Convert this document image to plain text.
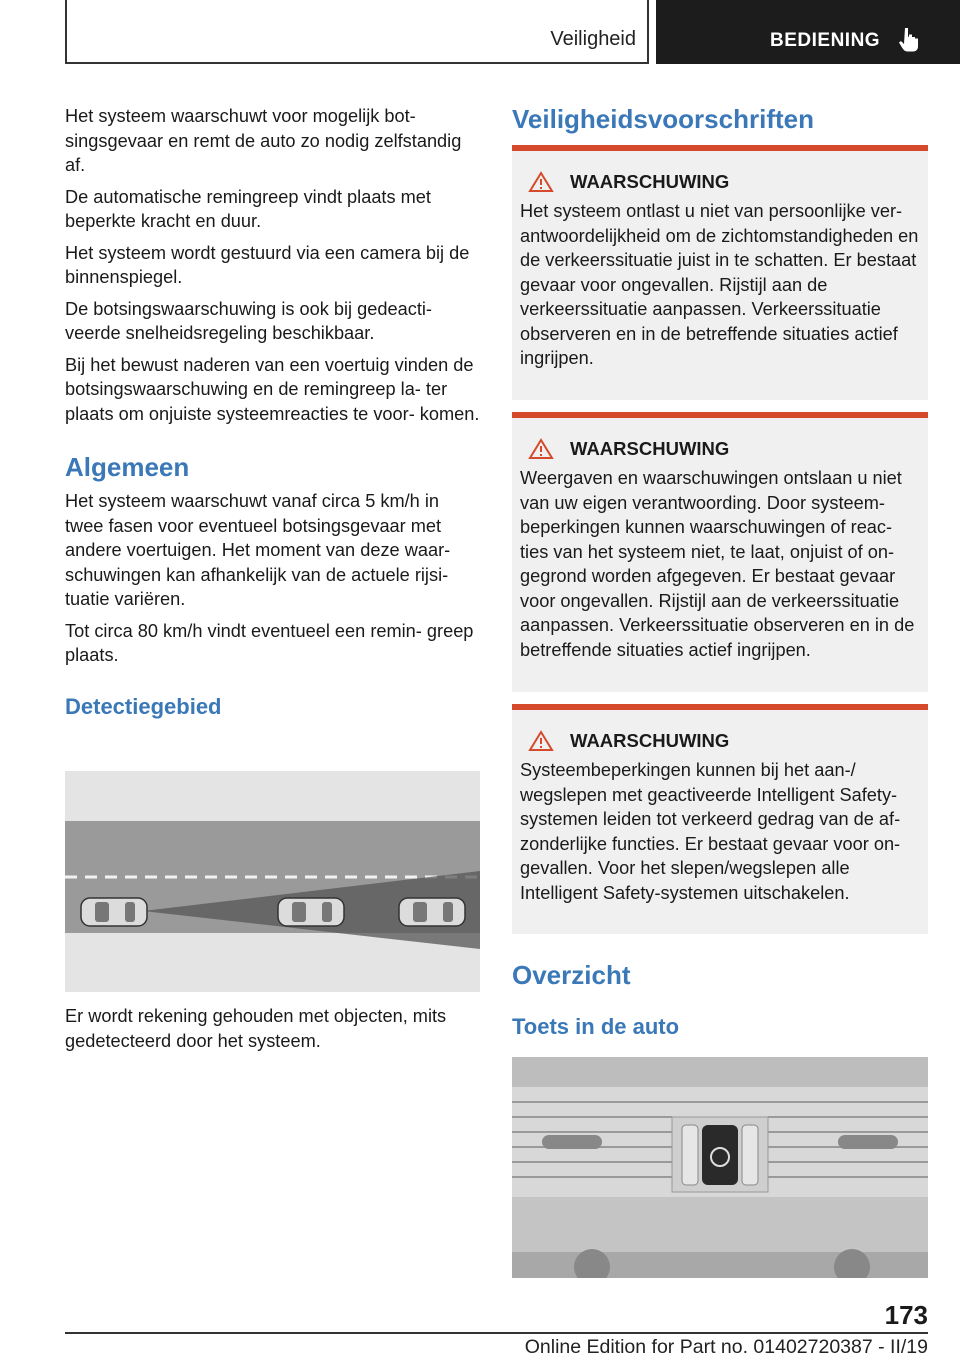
Veiligheid	BEDIENING

Het systeem waarschuwt voor mogelijk bot‐ singsgevaar en remt de auto zo nodig zelfstandig af.

De automatische remingreep vindt plaats met beperkte kracht en duur.

Het systeem wordt gestuurd via een camera bij de binnenspiegel.

De botsingswaarschuwing is ook bij gedeacti‐ veerde snelheidsregeling beschikbaar.

Bij het bewust naderen van een voertuig vinden de botsingswaarschuwing en de remingreep la‐ ter plaats om onjuiste systeemreacties te voor‐ komen.

Algemeen

Het systeem waarschuwt vanaf circa 5 km/h in twee fasen voor eventueel botsingsgevaar met andere voertuigen. Het moment van deze waar‐ schuwingen kan afhankelijk van de actuele rijsi‐ tuatie variëren.

Tot circa 80 km/h vindt eventueel een remin‐ greep plaats.

Detectiegebied

Er wordt rekening gehouden met objecten, mits gedetecteerd door het systeem.

Veiligheidsvoorschriften
WAARSCHUWING

Het systeem ontlast u niet van persoonlijke ver‐ antwoordelijkheid om de zichtomstandigheden en de verkeerssituatie juist in te schatten. Er bestaat gevaar voor ongevallen. Rijstijl aan de verkeerssituatie aanpassen. Verkeerssituatie observeren en in de betreffende situaties actief ingrijpen.

WAARSCHUWING

Weergaven en waarschuwingen ontslaan u niet van uw eigen verantwoording. Door systeem‐ beperkingen kunnen waarschuwingen of reac‐ ties van het systeem niet, te laat, onjuist of on‐ gegrond worden afgegeven. Er bestaat gevaar voor ongevallen. Rijstijl aan de verkeerssituatie aanpassen. Verkeerssituatie observeren en in de betreffende situaties actief ingrijpen.

WAARSCHUWING

Systeembeperkingen kunnen bij het aan-/ wegslepen met geactiveerde Intelligent Safety- systemen leiden tot verkeerd gedrag van de af‐ zonderlijke functies. Er bestaat gevaar voor on‐ gevallen. Voor het slepen/wegslepen alle Intelligent Safety-systemen uitschakelen.

Overzicht
Toets in de auto
173
Online Edition for Part no. 01402720387 - II/19
